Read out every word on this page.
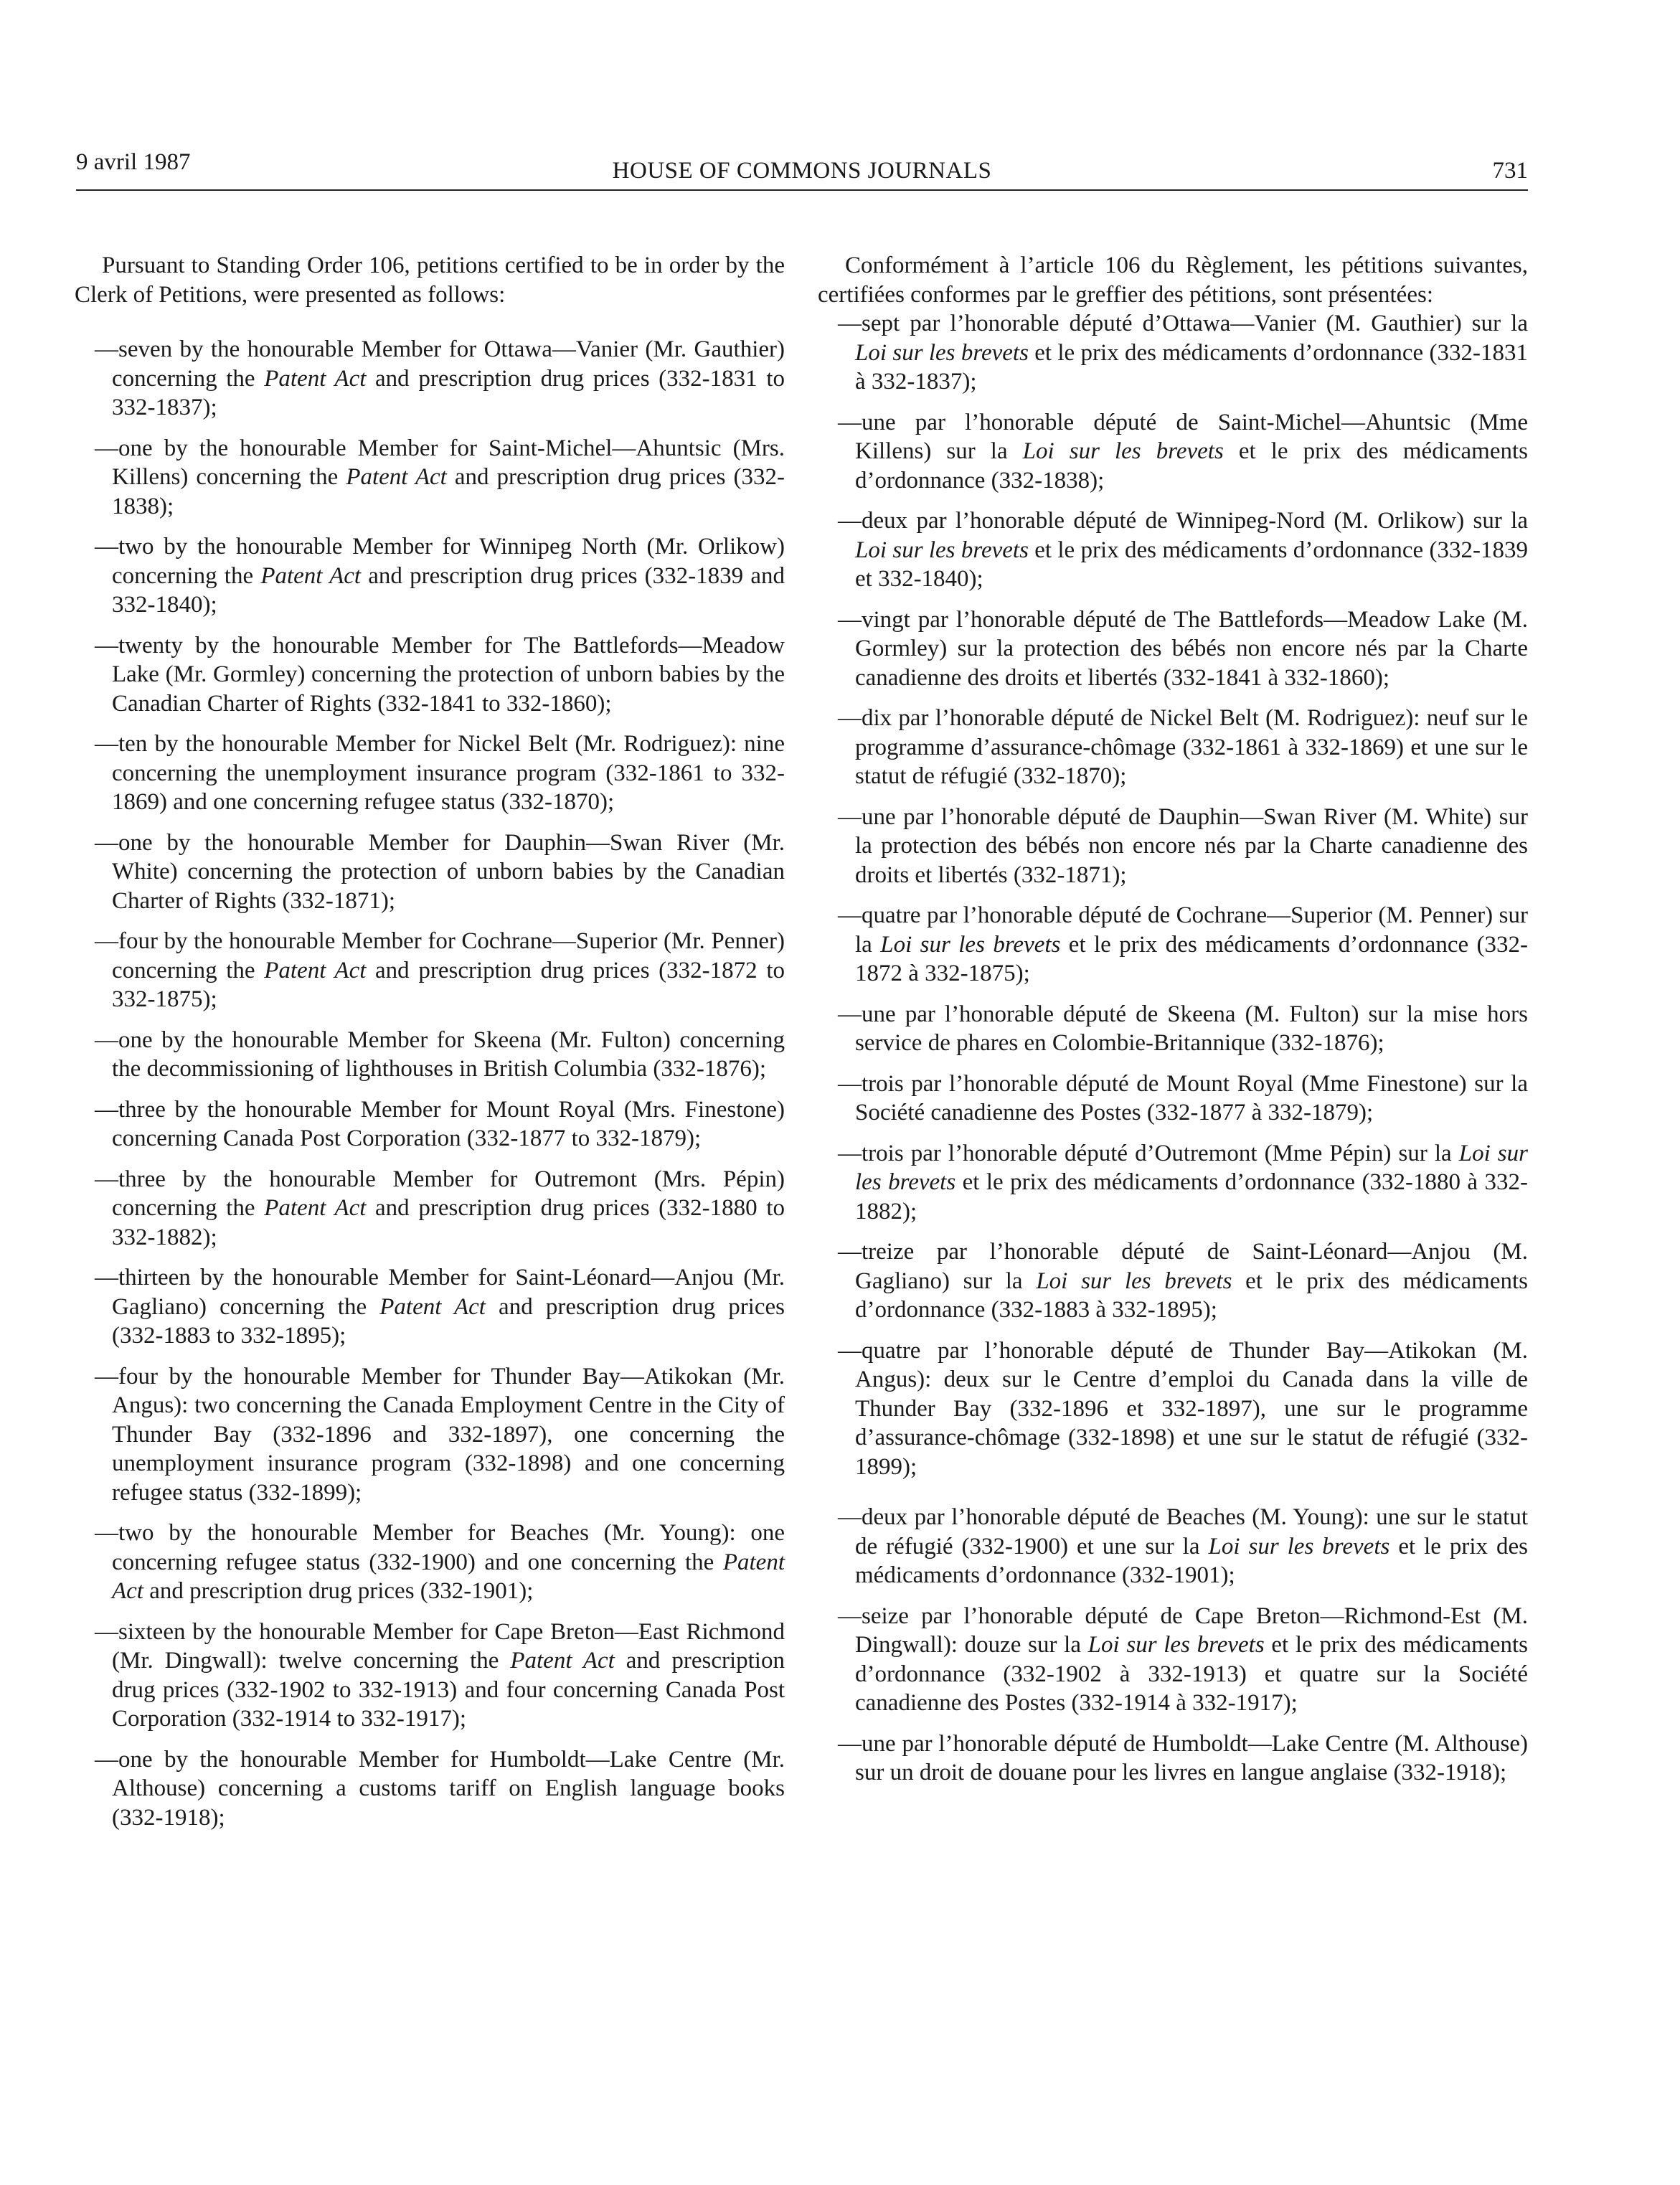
9 avril 1987	HOUSE OF COMMONS JOURNALS	731

Pursuant to Standing Order 106, petitions certified to be in order by the Clerk of Petitions, were presented as follows:

—seven by the honourable Member for Ottawa—Vanier (Mr. Gauthier) concerning the Patent Act and prescription drug prices (332-1831 to 332-1837);

—one by the honourable Member for Saint-Michel—Ahuntsic (Mrs. Killens) concerning the Patent Act and prescription drug prices (332-1838);

—two by the honourable Member for Winnipeg North (Mr. Orlikow) concerning the Patent Act and prescription drug prices (332-1839 and 332-1840);

—twenty by the honourable Member for The Battlefords—Meadow Lake (Mr. Gormley) concerning the protection of unborn babies by the Canadian Charter of Rights (332-1841 to 332-1860);

—ten by the honourable Member for Nickel Belt (Mr. Rodriguez): nine concerning the unemployment insurance program (332-1861 to 332-1869) and one concerning refugee status (332-1870);

—one by the honourable Member for Dauphin—Swan River (Mr. White) concerning the protection of unborn babies by the Canadian Charter of Rights (332-1871);

—four by the honourable Member for Cochrane—Superior (Mr. Penner) concerning the Patent Act and prescription drug prices (332-1872 to 332-1875);

—one by the honourable Member for Skeena (Mr. Fulton) concerning the decommissioning of lighthouses in British Columbia (332-1876);

—three by the honourable Member for Mount Royal (Mrs. Finestone) concerning Canada Post Corporation (332-1877 to 332-1879);

—three by the honourable Member for Outremont (Mrs. Pépin) concerning the Patent Act and prescription drug prices (332-1880 to 332-1882);

—thirteen by the honourable Member for Saint-Léonard—Anjou (Mr. Gagliano) concerning the Patent Act and prescription drug prices (332-1883 to 332-1895);

—four by the honourable Member for Thunder Bay—Atikokan (Mr. Angus): two concerning the Canada Employment Centre in the City of Thunder Bay (332-1896 and 332-1897), one concerning the unemployment insurance program (332-1898) and one concerning refugee status (332-1899);

—two by the honourable Member for Beaches (Mr. Young): one concerning refugee status (332-1900) and one concerning the Patent Act and prescription drug prices (332-1901);

—sixteen by the honourable Member for Cape Breton—East Richmond (Mr. Dingwall): twelve concerning the Patent Act and prescription drug prices (332-1902 to 332-1913) and four concerning Canada Post Corporation (332-1914 to 332-1917);

—one by the honourable Member for Humboldt—Lake Centre (Mr. Althouse) concerning a customs tariff on English language books (332-1918);

Conformément à l’article 106 du Règlement, les pétitions suivantes, certifiées conformes par le greffier des pétitions, sont présentées:

—sept par l’honorable député d’Ottawa—Vanier (M. Gauthier) sur la Loi sur les brevets et le prix des médicaments d’ordonnance (332-1831 à 332-1837);

—une par l’honorable député de Saint-Michel—Ahuntsic (Mme Killens) sur la Loi sur les brevets et le prix des médicaments d’ordonnance (332-1838);

—deux par l’honorable député de Winnipeg-Nord (M. Orlikow) sur la Loi sur les brevets et le prix des médicaments d’ordonnance (332-1839 et 332-1840);

—vingt par l’honorable député de The Battlefords—Meadow Lake (M. Gormley) sur la protection des bébés non encore nés par la Charte canadienne des droits et libertés (332-1841 à 332-1860);

—dix par l’honorable député de Nickel Belt (M. Rodriguez): neuf sur le programme d’assurance-chômage (332-1861 à 332-1869) et une sur le statut de réfugié (332-1870);

—une par l’honorable député de Dauphin—Swan River (M. White) sur la protection des bébés non encore nés par la Charte canadienne des droits et libertés (332-1871);

—quatre par l’honorable député de Cochrane—Superior (M. Penner) sur la Loi sur les brevets et le prix des médicaments d’ordonnance (332-1872 à 332-1875);

—une par l’honorable député de Skeena (M. Fulton) sur la mise hors service de phares en Colombie-Britannique (332-1876);

—trois par l’honorable député de Mount Royal (Mme Finestone) sur la Société canadienne des Postes (332-1877 à 332-1879);

—trois par l’honorable député d’Outremont (Mme Pépin) sur la Loi sur les brevets et le prix des médicaments d’ordonnance (332-1880 à 332-1882);

—treize par l’honorable député de Saint-Léonard—Anjou (M. Gagliano) sur la Loi sur les brevets et le prix des médicaments d’ordonnance (332-1883 à 332-1895);

—quatre par l’honorable député de Thunder Bay—Atikokan (M. Angus): deux sur le Centre d’emploi du Canada dans la ville de Thunder Bay (332-1896 et 332-1897), une sur le programme d’assurance-chômage (332-1898) et une sur le statut de réfugié (332-1899);

—deux par l’honorable député de Beaches (M. Young): une sur le statut de réfugié (332-1900) et une sur la Loi sur les brevets et le prix des médicaments d’ordonnance (332-1901);

—seize par l’honorable député de Cape Breton—Richmond-Est (M. Dingwall): douze sur la Loi sur les brevets et le prix des médicaments d’ordonnance (332-1902 à 332-1913) et quatre sur la Société canadienne des Postes (332-1914 à 332-1917);

—une par l’honorable député de Humboldt—Lake Centre (M. Althouse) sur un droit de douane pour les livres en langue anglaise (332-1918);
